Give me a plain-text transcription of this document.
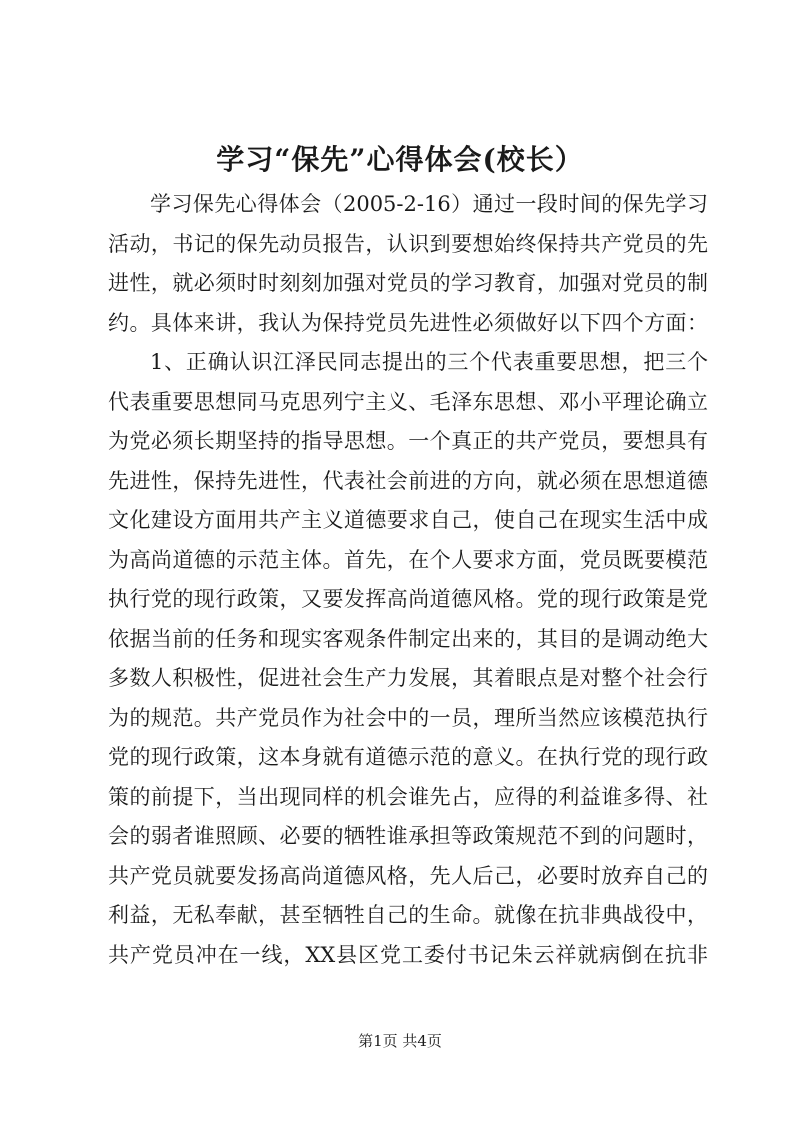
学习“保先”心得体会(校长）
学习保先心得体会（2005-2-16）通过一段时间的保先学习
活动，书记的保先动员报告，认识到要想始终保持共产党员的先
进性，就必须时时刻刻加强对党员的学习教育，加强对党员的制
约。具体来讲，我认为保持党员先进性必须做好以下四个方面：
1、正确认识江泽民同志提出的三个代表重要思想，把三个
代表重要思想同马克思列宁主义、毛泽东思想、邓小平理论确立
为党必须长期坚持的指导思想。一个真正的共产党员，要想具有
先进性，保持先进性，代表社会前进的方向，就必须在思想道德
文化建设方面用共产主义道德要求自己，使自己在现实生活中成
为高尚道德的示范主体。首先，在个人要求方面，党员既要模范
执行党的现行政策，又要发挥高尚道德风格。党的现行政策是党
依据当前的任务和现实客观条件制定出来的，其目的是调动绝大
多数人积极性，促进社会生产力发展，其着眼点是对整个社会行
为的规范。共产党员作为社会中的一员，理所当然应该模范执行
党的现行政策，这本身就有道德示范的意义。在执行党的现行政
策的前提下，当出现同样的机会谁先占，应得的利益谁多得、社
会的弱者谁照顾、必要的牺牲谁承担等政策规范不到的问题时，
共产党员就要发扬高尚道德风格，先人后己，必要时放弃自己的
利益，无私奉献，甚至牺牲自己的生命。就像在抗非典战役中，
共产党员冲在一线，XX县区党工委付书记朱云祥就病倒在抗非
第1页 共4页
